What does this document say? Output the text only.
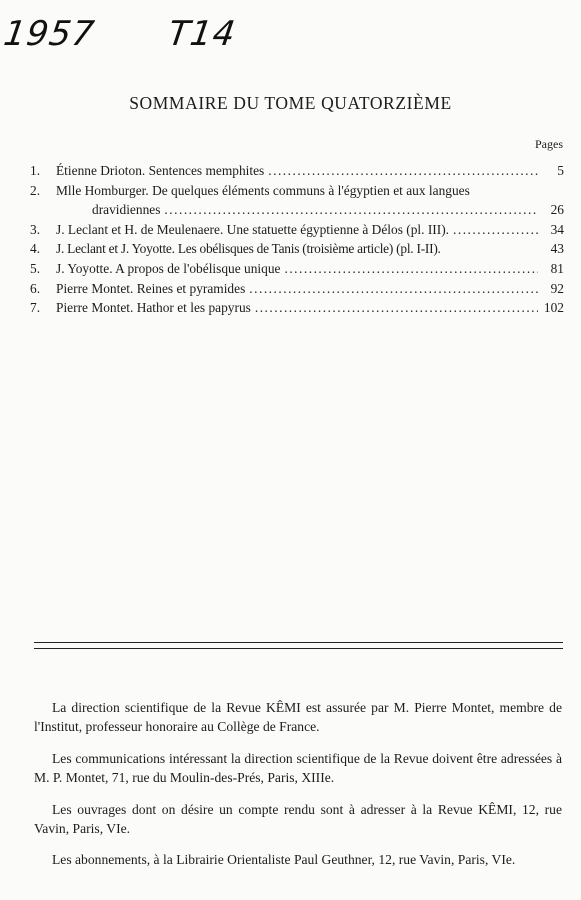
1957 T14
SOMMAIRE DU TOME QUATORZIÈME
Pages
1.	Étienne Drioton. Sentences memphites .....	5
2.	Mlle Homburger. De quelques éléments communs à l'égyptien et aux langues
dravidiennes .....	26
3.	J. Leclant et H. de Meulenaere. Une statuette égyptienne à Délos (pl. III). .....	34
4.	J. Leclant et J. Yoyotte. Les obélisques de Tanis (troisième article) (pl. I-II).	43
5.	J. Yoyotte. A propos de l'obélisque unique .....	81
6.	Pierre Montet. Reines et pyramides .....	92
7.	Pierre Montet. Hathor et les papyrus .....	102

La direction scientifique de la Revue KÊMI est assurée par M. Pierre Montet, membre de l'Institut, professeur honoraire au Collège de France.

Les communications intéressant la direction scientifique de la Revue doivent être adressées à M. P. Montet, 71, rue du Moulin-des-Prés, Paris, XIIIe.

Les ouvrages dont on désire un compte rendu sont à adresser à la Revue KÊMI, 12, rue Vavin, Paris, VIe.

Les abonnements, à la Librairie Orientaliste Paul Geuthner, 12, rue Vavin, Paris, VIe.
